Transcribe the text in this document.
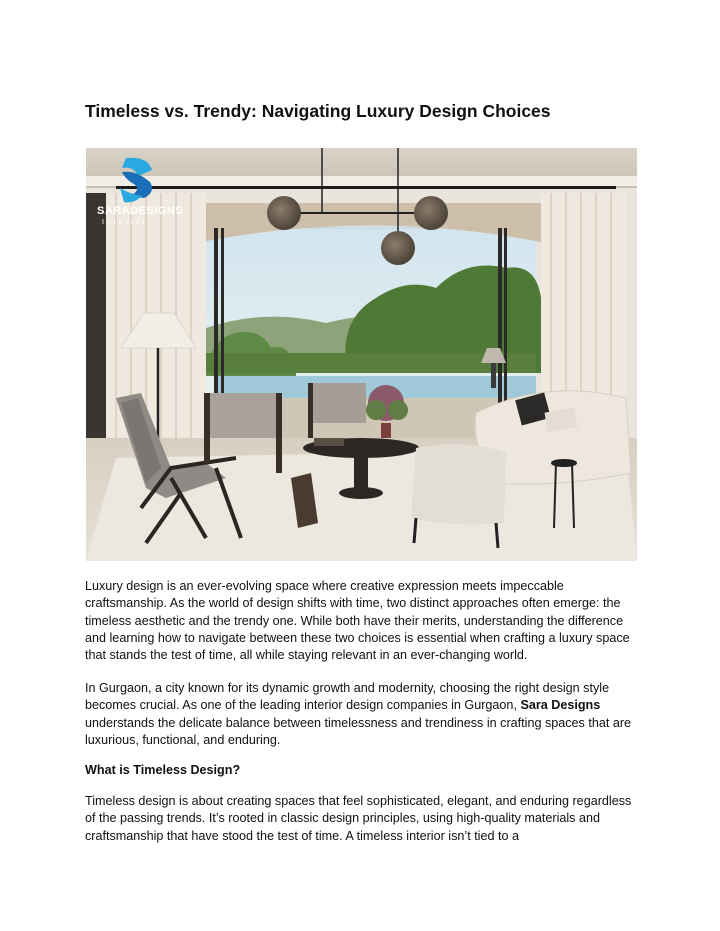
Timeless vs. Trendy: Navigating Luxury Design Choices
SARADESIGNS
Interior

Luxury design is an ever-evolving space where creative expression meets impeccable craftsmanship. As the world of design shifts with time, two distinct approaches often emerge: the timeless aesthetic and the trendy one. While both have their merits, understanding the difference and learning how to navigate between these two choices is essential when crafting a luxury space that stands the test of time, all while staying relevant in an ever-changing world.

In Gurgaon, a city known for its dynamic growth and modernity, choosing the right design style becomes crucial. As one of the leading interior design companies in Gurgaon, Sara Designs understands the delicate balance between timelessness and trendiness in crafting spaces that are luxurious, functional, and enduring.

What is Timeless Design?

Timeless design is about creating spaces that feel sophisticated, elegant, and enduring regardless of the passing trends. It’s rooted in classic design principles, using high-quality materials and craftsmanship that have stood the test of time. A timeless interior isn’t tied to a
